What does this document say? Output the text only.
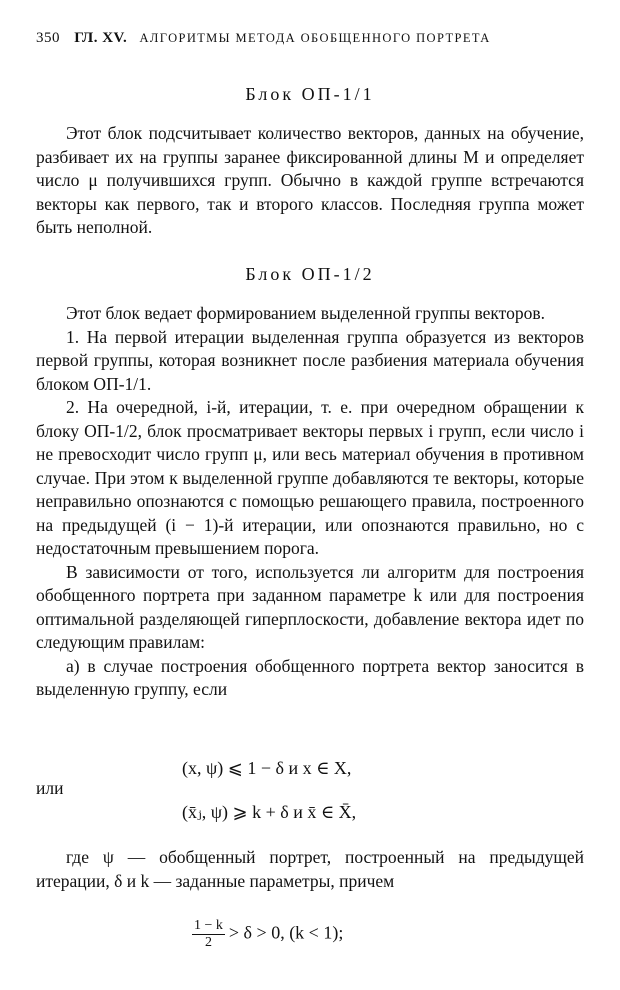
350 ГЛ. XV. АЛГОРИТМЫ МЕТОДА ОБОБЩЕННОГО ПОРТРЕТА
Блок ОП-1/1

Этот блок подсчитывает количество векторов, данных на обучение, разбивает их на группы заранее фиксированной длины M и определяет число μ получившихся групп. Обычно в каждой группе встречаются векторы как первого, так и второго классов. Последняя группа может быть неполной.

Блок ОП-1/2

Этот блок ведает формированием выделенной группы векторов.

1. На первой итерации выделенная группа образуется из векторов первой группы, которая возникнет после разбиения материала обучения блоком ОП-1/1.

2. На очередной, i-й, итерации, т. е. при очередном обращении к блоку ОП-1/2, блок просматривает векторы первых i групп, если число i не превосходит число групп μ, или весь материал обучения в противном случае. При этом к выделенной группе добавляются те векторы, которые неправильно опознаются с помощью решающего правила, построенного на предыдущей (i − 1)-й итерации, или опознаются правильно, но с недостаточным превышением порога.

В зависимости от того, используется ли алгоритм для построения обобщенного портрета при заданном параметре k или для построения оптимальной разделяющей гиперплоскости, добавление вектора идет по следующим правилам:

а) в случае построения обобщенного портрета вектор заносится в выделенную группу, если

(x, ψ) ⩽ 1 − δ и x ∈ X,
или
(x̄ⱼ, ψ) ⩾ k + δ и x̄ ∈ X̄,

где ψ — обобщенный портрет, построенный на предыдущей итерации, δ и k — заданные параметры, причем

$\frac{1 - k}{2} > \delta > 0$, (k < 1);
